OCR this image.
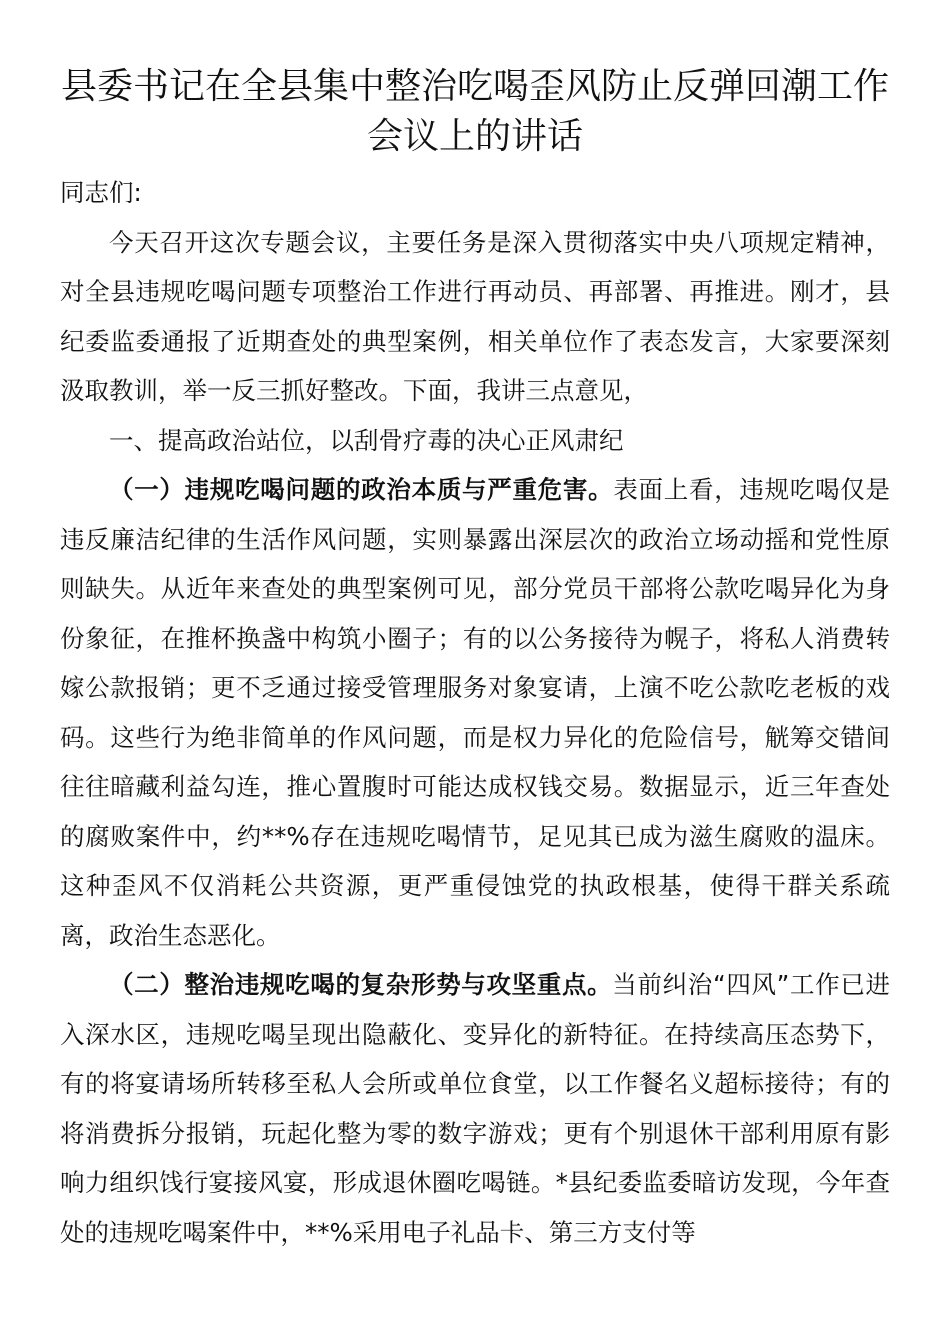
县委书记在全县集中整治吃喝歪风防止反弹回潮工作
会议上的讲话

同志们:

今天召开这次专题会议，主要任务是深入贯彻落实中央八项规定精神，对全县违规吃喝问题专项整治工作进行再动员、再部署、再推进。刚才，县纪委监委通报了近期查处的典型案例，相关单位作了表态发言，大家要深刻汲取教训，举一反三抓好整改。下面，我讲三点意见，

一、提高政治站位，以刮骨疗毒的决心正风肃纪

（一）违规吃喝问题的政治本质与严重危害。表面上看，违规吃喝仅是违反廉洁纪律的生活作风问题，实则暴露出深层次的政治立场动摇和党性原则缺失。从近年来查处的典型案例可见，部分党员干部将公款吃喝异化为身份象征，在推杯换盏中构筑小圈子；有的以公务接待为幌子，将私人消费转嫁公款报销；更不乏通过接受管理服务对象宴请，上演不吃公款吃老板的戏码。这些行为绝非简单的作风问题，而是权力异化的危险信号，觥筹交错间往往暗藏利益勾连，推心置腹时可能达成权钱交易。数据显示，近三年查处的腐败案件中，约**%存在违规吃喝情节，足见其已成为滋生腐败的温床。这种歪风不仅消耗公共资源，更严重侵蚀党的执政根基，使得干群关系疏离，政治生态恶化。

（二）整治违规吃喝的复杂形势与攻坚重点。当前纠治“四风”工作已进入深水区，违规吃喝呈现出隐蔽化、变异化的新特征。在持续高压态势下，有的将宴请场所转移至私人会所或单位食堂，以工作餐名义超标接待；有的将消费拆分报销，玩起化整为零的数字游戏；更有个别退休干部利用原有影响力组织饯行宴接风宴，形成退休圈吃喝链。*县纪委监委暗访发现，今年查处的违规吃喝案件中，**%采用电子礼品卡、第三方支付等
